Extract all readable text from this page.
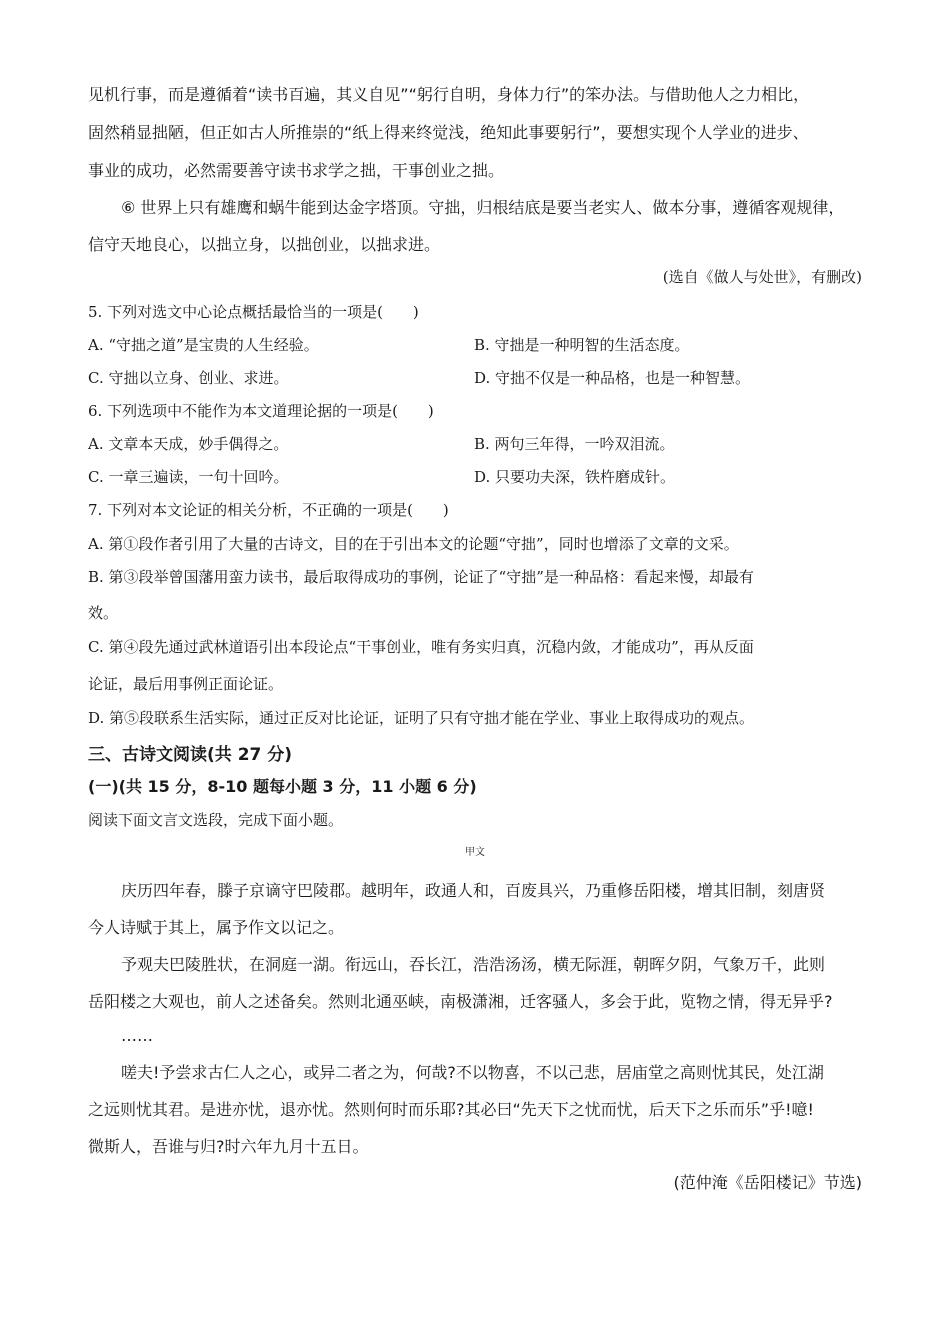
见机行事，而是遵循着“读书百遍，其义自见”“躬行自明，身体力行”的笨办法。与借助他人之力相比，
固然稍显拙陋，但正如古人所推崇的“纸上得来终觉浅，绝知此事要躬行”，要想实现个人学业的进步、
事业的成功，必然需要善守读书求学之拙，干事创业之拙。
⑥ 世界上只有雄鹰和蜗牛能到达金字塔顶。守拙，归根结底是要当老实人、做本分事，遵循客观规律，
信守天地良心，以拙立身，以拙创业，以拙求进。
(选自《做人与处世》，有删改)
5. 下列对选文中心论点概括最恰当的一项是(　　)
A. “守拙之道”是宝贵的人生经验。	B. 守拙是一种明智的生活态度。
C. 守拙以立身、创业、求进。	D. 守拙不仅是一种品格，也是一种智慧。
6. 下列选项中不能作为本文道理论据的一项是(　　)
A. 文章本天成，妙手偶得之。	B. 两句三年得，一吟双泪流。
C. 一章三遍读，一句十回吟。	D. 只要功夫深，铁杵磨成针。
7. 下列对本文论证的相关分析，不正确的一项是(　　)
A. 第①段作者引用了大量的古诗文，目的在于引出本文的论题“守拙”，同时也增添了文章的文采。
B. 第③段举曾国藩用蛮力读书，最后取得成功的事例，论证了“守拙”是一种品格：看起来慢，却最有
效。
C. 第④段先通过武林道语引出本段论点“干事创业，唯有务实归真，沉稳内敛，才能成功”，再从反面
论证，最后用事例正面论证。
D. 第⑤段联系生活实际，通过正反对比论证，证明了只有守拙才能在学业、事业上取得成功的观点。
三、古诗文阅读(共 27 分)
(一)(共 15 分，8-10 题每小题 3 分，11 小题 6 分)
阅读下面文言文选段，完成下面小题。
甲文
庆历四年春，滕子京谪守巴陵郡。越明年，政通人和，百废具兴，乃重修岳阳楼，增其旧制，刻唐贤
今人诗赋于其上，属予作文以记之。
予观夫巴陵胜状，在洞庭一湖。衔远山，吞长江，浩浩汤汤，横无际涯，朝晖夕阴，气象万千，此则
岳阳楼之大观也，前人之述备矣。然则北通巫峡，南极潇湘，迁客骚人，多会于此，览物之情，得无异乎?
……
嗟夫!予尝求古仁人之心，或异二者之为，何哉?不以物喜，不以己悲，居庙堂之高则忧其民，处江湖
之远则忧其君。是进亦忧，退亦忧。然则何时而乐耶?其必曰“先天下之忧而忧，后天下之乐而乐”乎!噫!
微斯人，吾谁与归?时六年九月十五日。
(范仲淹《岳阳楼记》节选)
